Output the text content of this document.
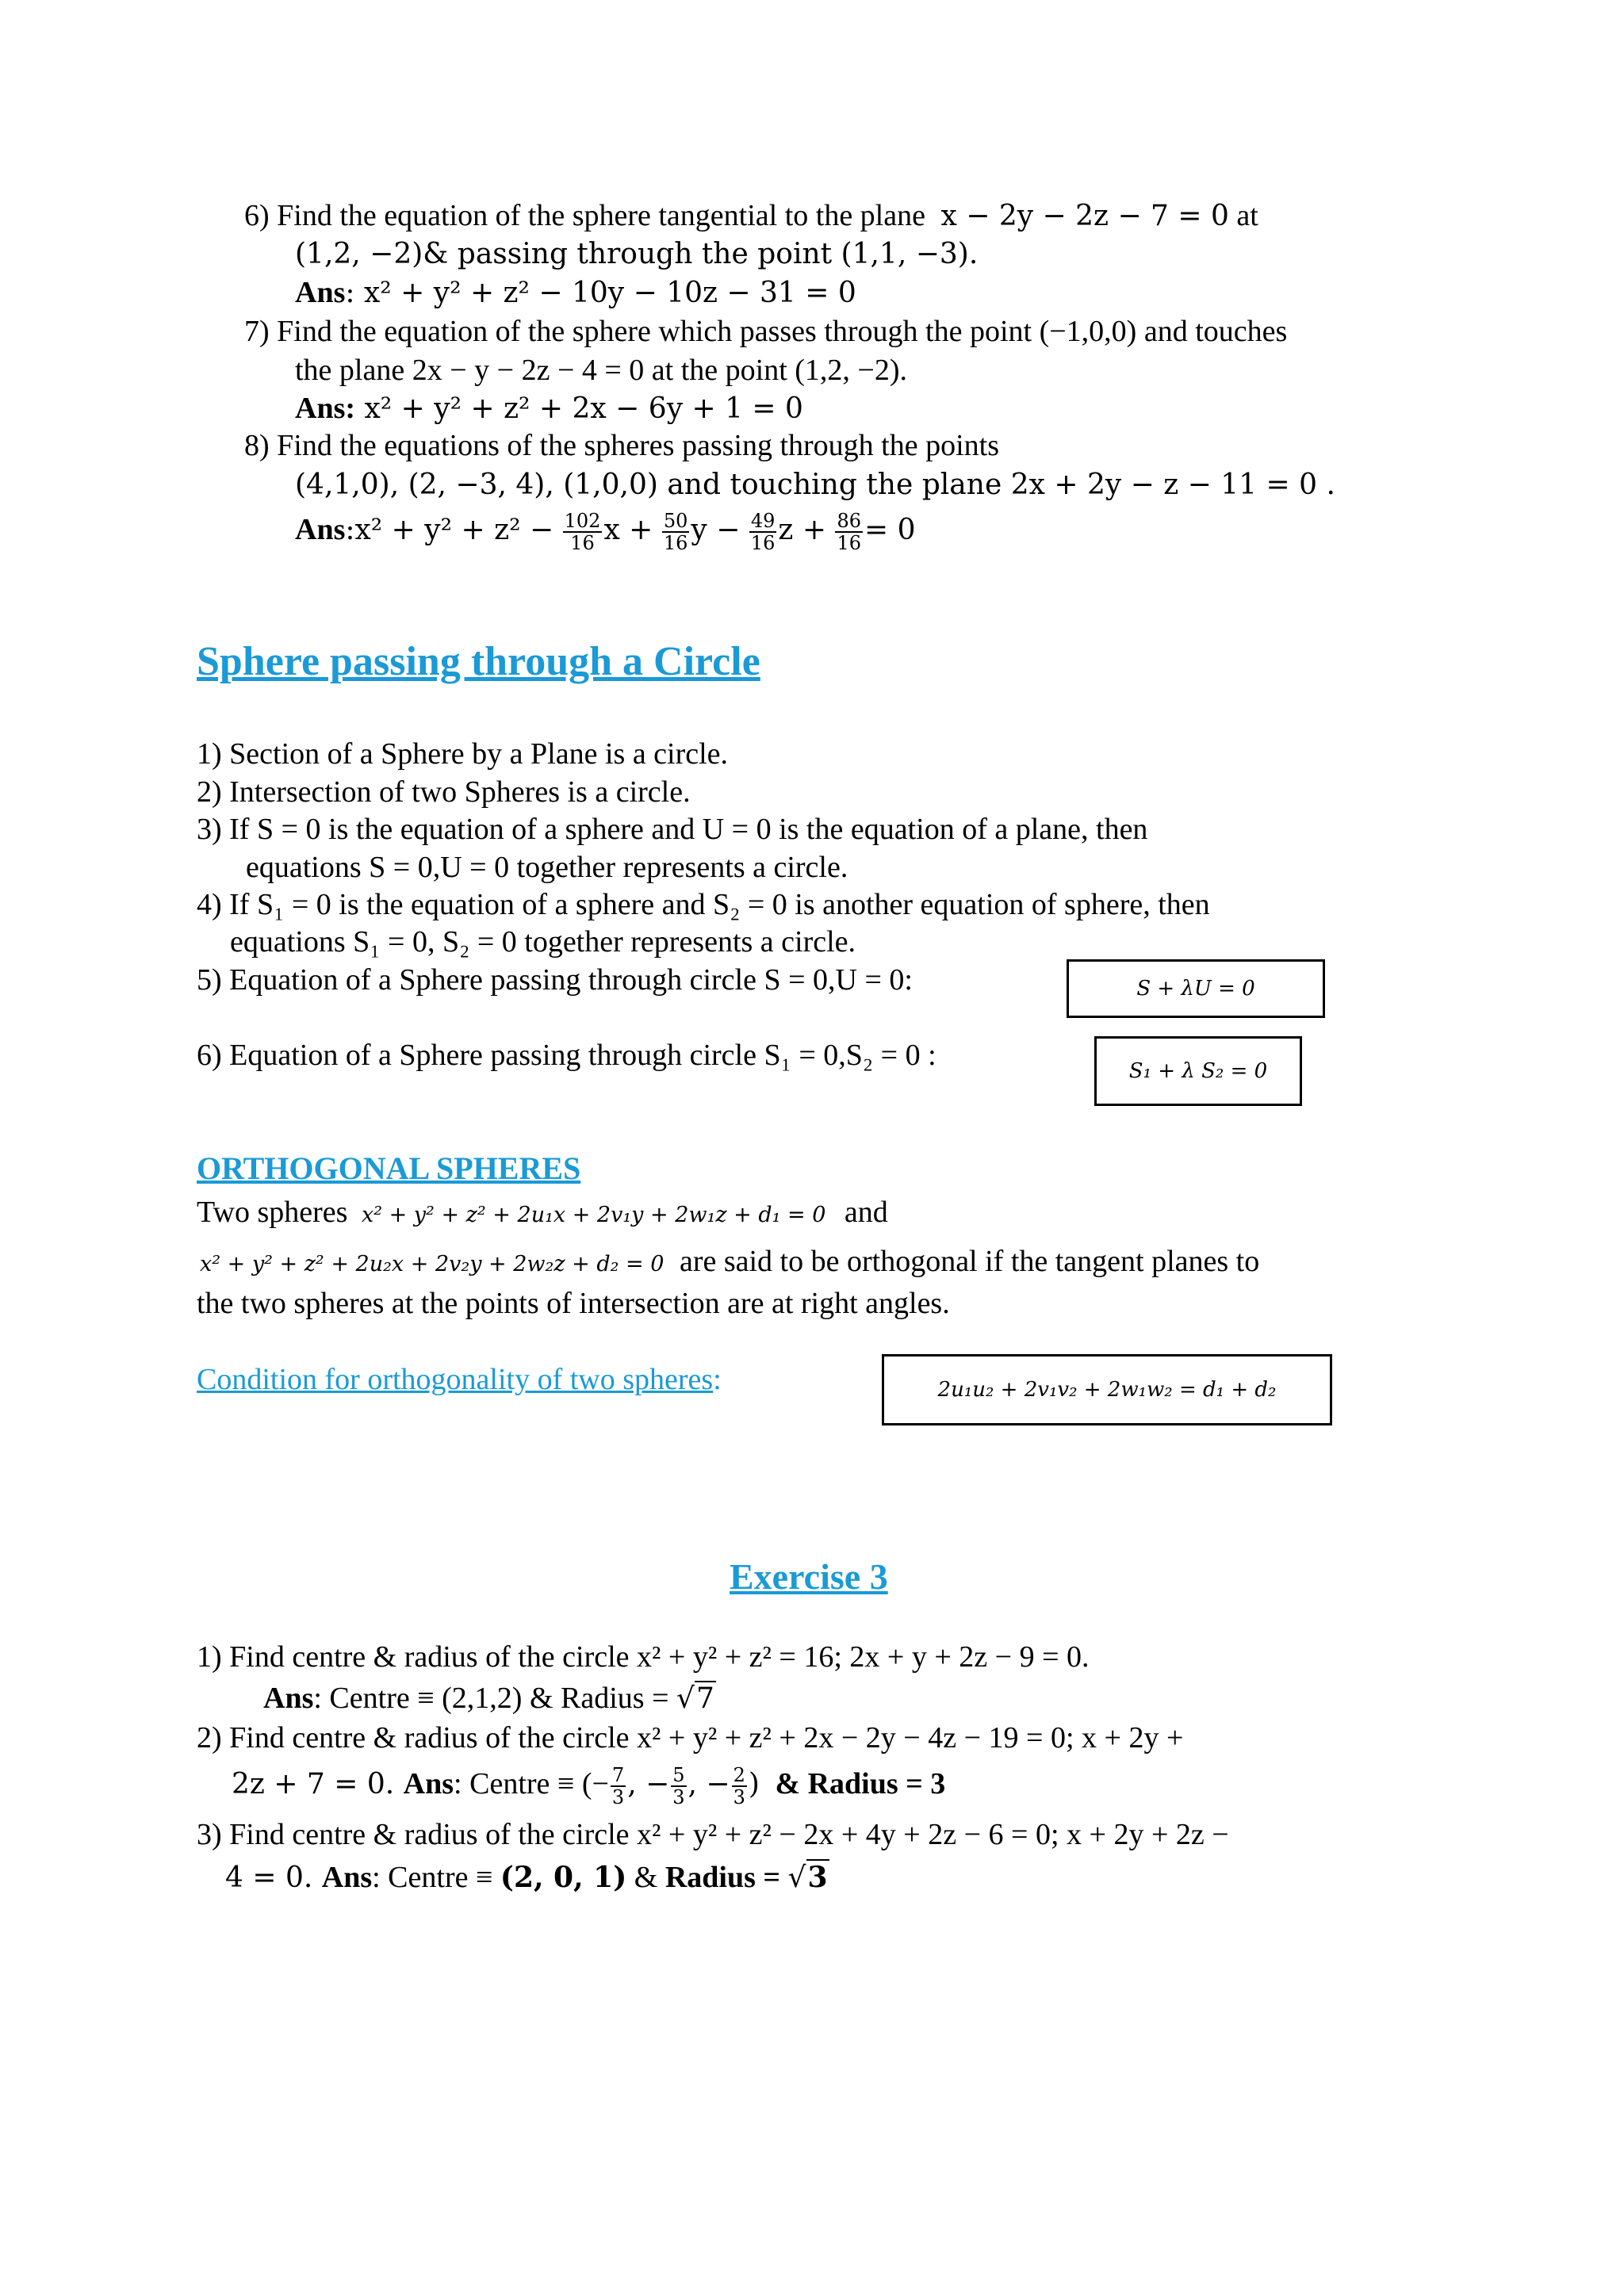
6) Find the equation of the sphere tangential to the plane x − 2y − 2z − 7 = 0 at
(1,2, −2)& passing through the point (1,1, −3).
Ans: x² + y² + z² − 10y − 10z − 31 = 0
7) Find the equation of the sphere which passes through the point (−1,0,0) and touches
the plane 2x − y − 2z − 4 = 0 at the point (1,2, −2).
Ans: x² + y² + z² + 2x − 6y + 1 = 0
8) Find the equations of the spheres passing through the points
(4,1,0), (2, −3, 4), (1,0,0) and touching the plane 2x + 2y − z − 11 = 0 .
Ans:x² + $y^2 + z^2 - \frac{102}{16}$ $x + \frac{50}{16}$ $y - \frac{49}{16}$ $z + \frac{86}{16} = 0$
Sphere passing through a Circle
1) Section of a Sphere by a Plane is a circle.
2) Intersection of two Spheres is a circle.
3) If S = 0 is the equation of a sphere and U = 0 is the equation of a plane, then
equations S = 0,U = 0 together represents a circle.
4) If S₁ = 0 is the equation of a sphere and S₂ = 0 is another equation of sphere, then
equations S₁ = 0, S₂ = 0 together represents a circle.
5) Equation of a Sphere passing through circle S = 0,U = 0:	S + λU = 0
6) Equation of a Sphere passing through circle S₁ = 0,S₂ = 0 :	S₁ + λ S₂ = 0
ORTHOGONAL SPHERES
Two spheres x² + y² + z² + 2u₁x + 2v₁y + 2w₁z + d₁ = 0 and
x² + y² + z² + 2u₂x + 2v₂y + 2w₂z + d₂ = 0 are said to be orthogonal if the tangent planes to
the two spheres at the points of intersection are at right angles.
Condition for orthogonality of two spheres:	2u₁u₂ + 2v₁v₂ + 2w₁w₂ = d₁ + d₂
Exercise 3
1) Find centre & radius of the circle x² + y² + z² = 16; 2x + y + 2z − 9 = 0.
Ans: Centre ≡ (2,1,2) & Radius = √7
2) Find centre & radius of the circle x² + y² + z² + 2x − 2y − 4z − 19 = 0; x + 2y +
2z + 7 = 0. Ans: Centre ≡ (− $\frac{7}{3}$ , − $\frac{5}{3}$ , − $\frac{2}{3}$ ) & Radius = 3
3) Find centre & radius of the circle x² + y² + z² − 2x + 4y + 2z − 6 = 0; x + 2y + 2z −
4 = 0. Ans: Centre ≡ (2, 0, 1) & Radius = √3
